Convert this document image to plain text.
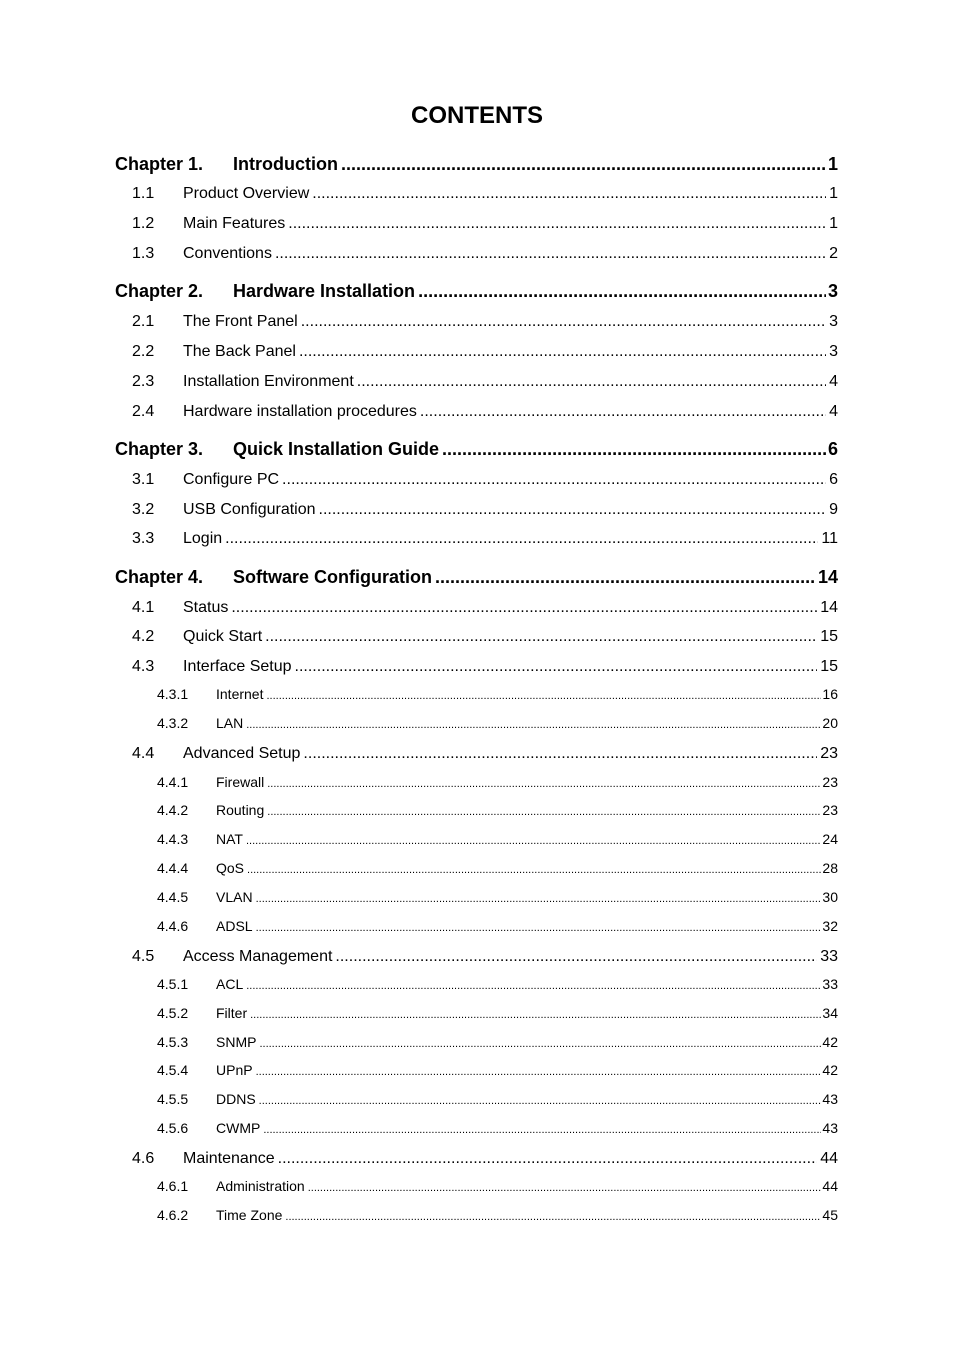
CONTENTS
Chapter 1.	Introduction .....	1
1.1	Product Overview .....	1
1.2	Main Features .....	1
1.3	Conventions .....	2
Chapter 2.	Hardware Installation .....	3
2.1	The Front Panel .....	3
2.2	The Back Panel .....	3
2.3	Installation Environment .....	4
2.4	Hardware installation procedures .....	4
Chapter 3.	Quick Installation Guide .....	6
3.1	Configure PC .....	6
3.2	USB Configuration .....	9
3.3	Login .....	11
Chapter 4.	Software Configuration .....	14
4.1	Status .....	14
4.2	Quick Start .....	15
4.3	Interface Setup .....	15
4.3.1	Internet .....	16
4.3.2	LAN .....	20
4.4	Advanced Setup .....	23
4.4.1	Firewall .....	23
4.4.2	Routing .....	23
4.4.3	NAT .....	24
4.4.4	QoS .....	28
4.4.5	VLAN .....	30
4.4.6	ADSL .....	32
4.5	Access Management .....	33
4.5.1	ACL .....	33
4.5.2	Filter .....	34
4.5.3	SNMP .....	42
4.5.4	UPnP .....	42
4.5.5	DDNS .....	43
4.5.6	CWMP .....	43
4.6	Maintenance .....	44
4.6.1	Administration .....	44
4.6.2	Time Zone .....	45
